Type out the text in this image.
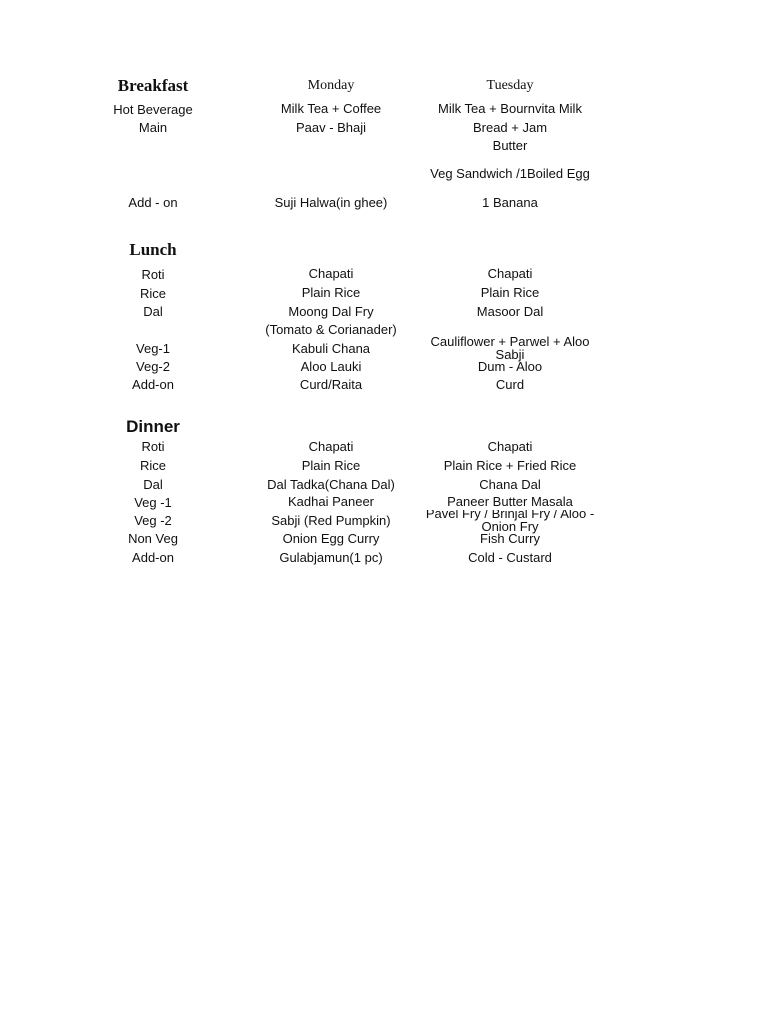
Breakfast	Monday	Tuesday
Hot Beverage	Milk Tea + Coffee	Milk Tea + Bournvita Milk
Main	Paav - Bhaji	Bread + Jam
Butter
Veg Sandwich /1Boiled Egg
Add - on	Suji Halwa(in ghee)	1 Banana
Lunch
Roti	Chapati	Chapati
Rice	Plain Rice	Plain Rice
Dal	Moong Dal Fry	Masoor Dal
(Tomato & Corianader)
Veg-1	Kabuli Chana	Cauliflower + Parwel + Aloo
Sabji
Veg-2	Aloo Lauki	Dum - Aloo
Add-on	Curd/Raita	Curd
Dinner
Roti	Chapati	Chapati
Rice	Plain Rice	Plain Rice + Fried Rice
Dal	Dal Tadka(Chana Dal)	Chana Dal
Veg -1	Kadhai Paneer	Paneer Butter Masala
Veg -2	Sabji (Red Pumpkin)	Pavel Fry / Brinjal Fry / Aloo -
Onion Fry
Non Veg	Onion Egg Curry	Fish Curry
Add-on	Gulabjamun(1 pc)	Cold - Custard
